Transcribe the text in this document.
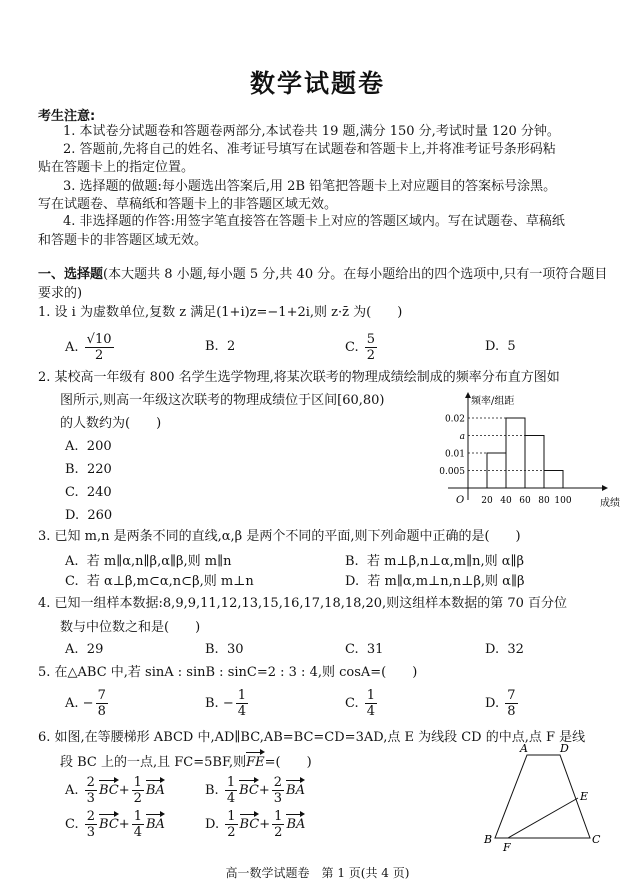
数学试题卷
考生注意:
1. 本试卷分试题卷和答题卷两部分,本试卷共 19 题,满分 150 分,考试时量 120 分钟。
2. 答题前,先将自己的姓名、准考证号填写在试题卷和答题卡上,并将准考证号条形码粘
贴在答题卡上的指定位置。
3. 选择题的做题:每小题选出答案后,用 2B 铅笔把答题卡上对应题目的答案标号涂黑。
写在试题卷、草稿纸和答题卡上的非答题区域无效。
4. 非选择题的作答:用签字笔直接答在答题卡上对应的答题区域内。写在试题卷、草稿纸
和答题卡的非答题区域无效。
一、选择题(本大题共 8 小题,每小题 5 分,共 40 分。在每小题给出的四个选项中,只有一项符合题目
要求的)
1. 设 i 为虚数单位,复数 z 满足(1+i)z=−1+2i,则 z·z̄ 为(　　)
A. $\frac{√10}{2}$	B. 2	C. $\frac{5}{2}$	D. 5
2. 某校高一年级有 800 名学生选学物理,将某次联考的物理成绩绘制成的频率分布直方图如
图所示,则高一年级这次联考的物理成绩位于区间[60,80)
的人数约为(　　)
A. 200
B. 220
C. 240
D. 260
频率/组距
成绩
O
0.005
0.01
a
0.02
20 40 60 80 100
3. 已知 m,n 是两条不同的直线,α,β 是两个不同的平面,则下列命题中正确的是(　　)
A. 若 m∥α,n∥β,α∥β,则 m∥n	B. 若 m⊥β,n⊥α,m∥n,则 α∥β
C. 若 α⊥β,m⊂α,n⊂β,则 m⊥n	D. 若 m∥α,m⊥n,n⊥β,则 α∥β
4. 已知一组样本数据:8,9,9,11,12,13,15,16,17,18,18,20,则这组样本数据的第 70 百分位
数与中位数之和是(　　)
A. 29	B. 30	C. 31	D. 32
5. 在△ABC 中,若 sinA : sinB : sinC=2 : 3 : 4,则 cosA=(　　)
A. − $\frac{7}{8}$	B. − $\frac{1}{4}$	C. $\frac{1}{4}$	D. $\frac{7}{8}$
6. 如图,在等腰梯形 ABCD 中,AD∥BC,AB=BC=CD=3AD,点 E 为线段 CD 的中点,点 F 是线
段 BC 上的一点,且 FC=5BF,则FE=(　　)
A. $\frac{2}{3} BC+ \frac{1}{2}$ BA	B. $\frac{1}{4} BC+ \frac{2}{3}$ BA
C. $\frac{2}{3} BC+ \frac{1}{4}$ BA	D. $\frac{1}{2} BC+ \frac{1}{2}$ BA
A	D
E
B
F
C
高一数学试题卷　第 1 页(共 4 页)
